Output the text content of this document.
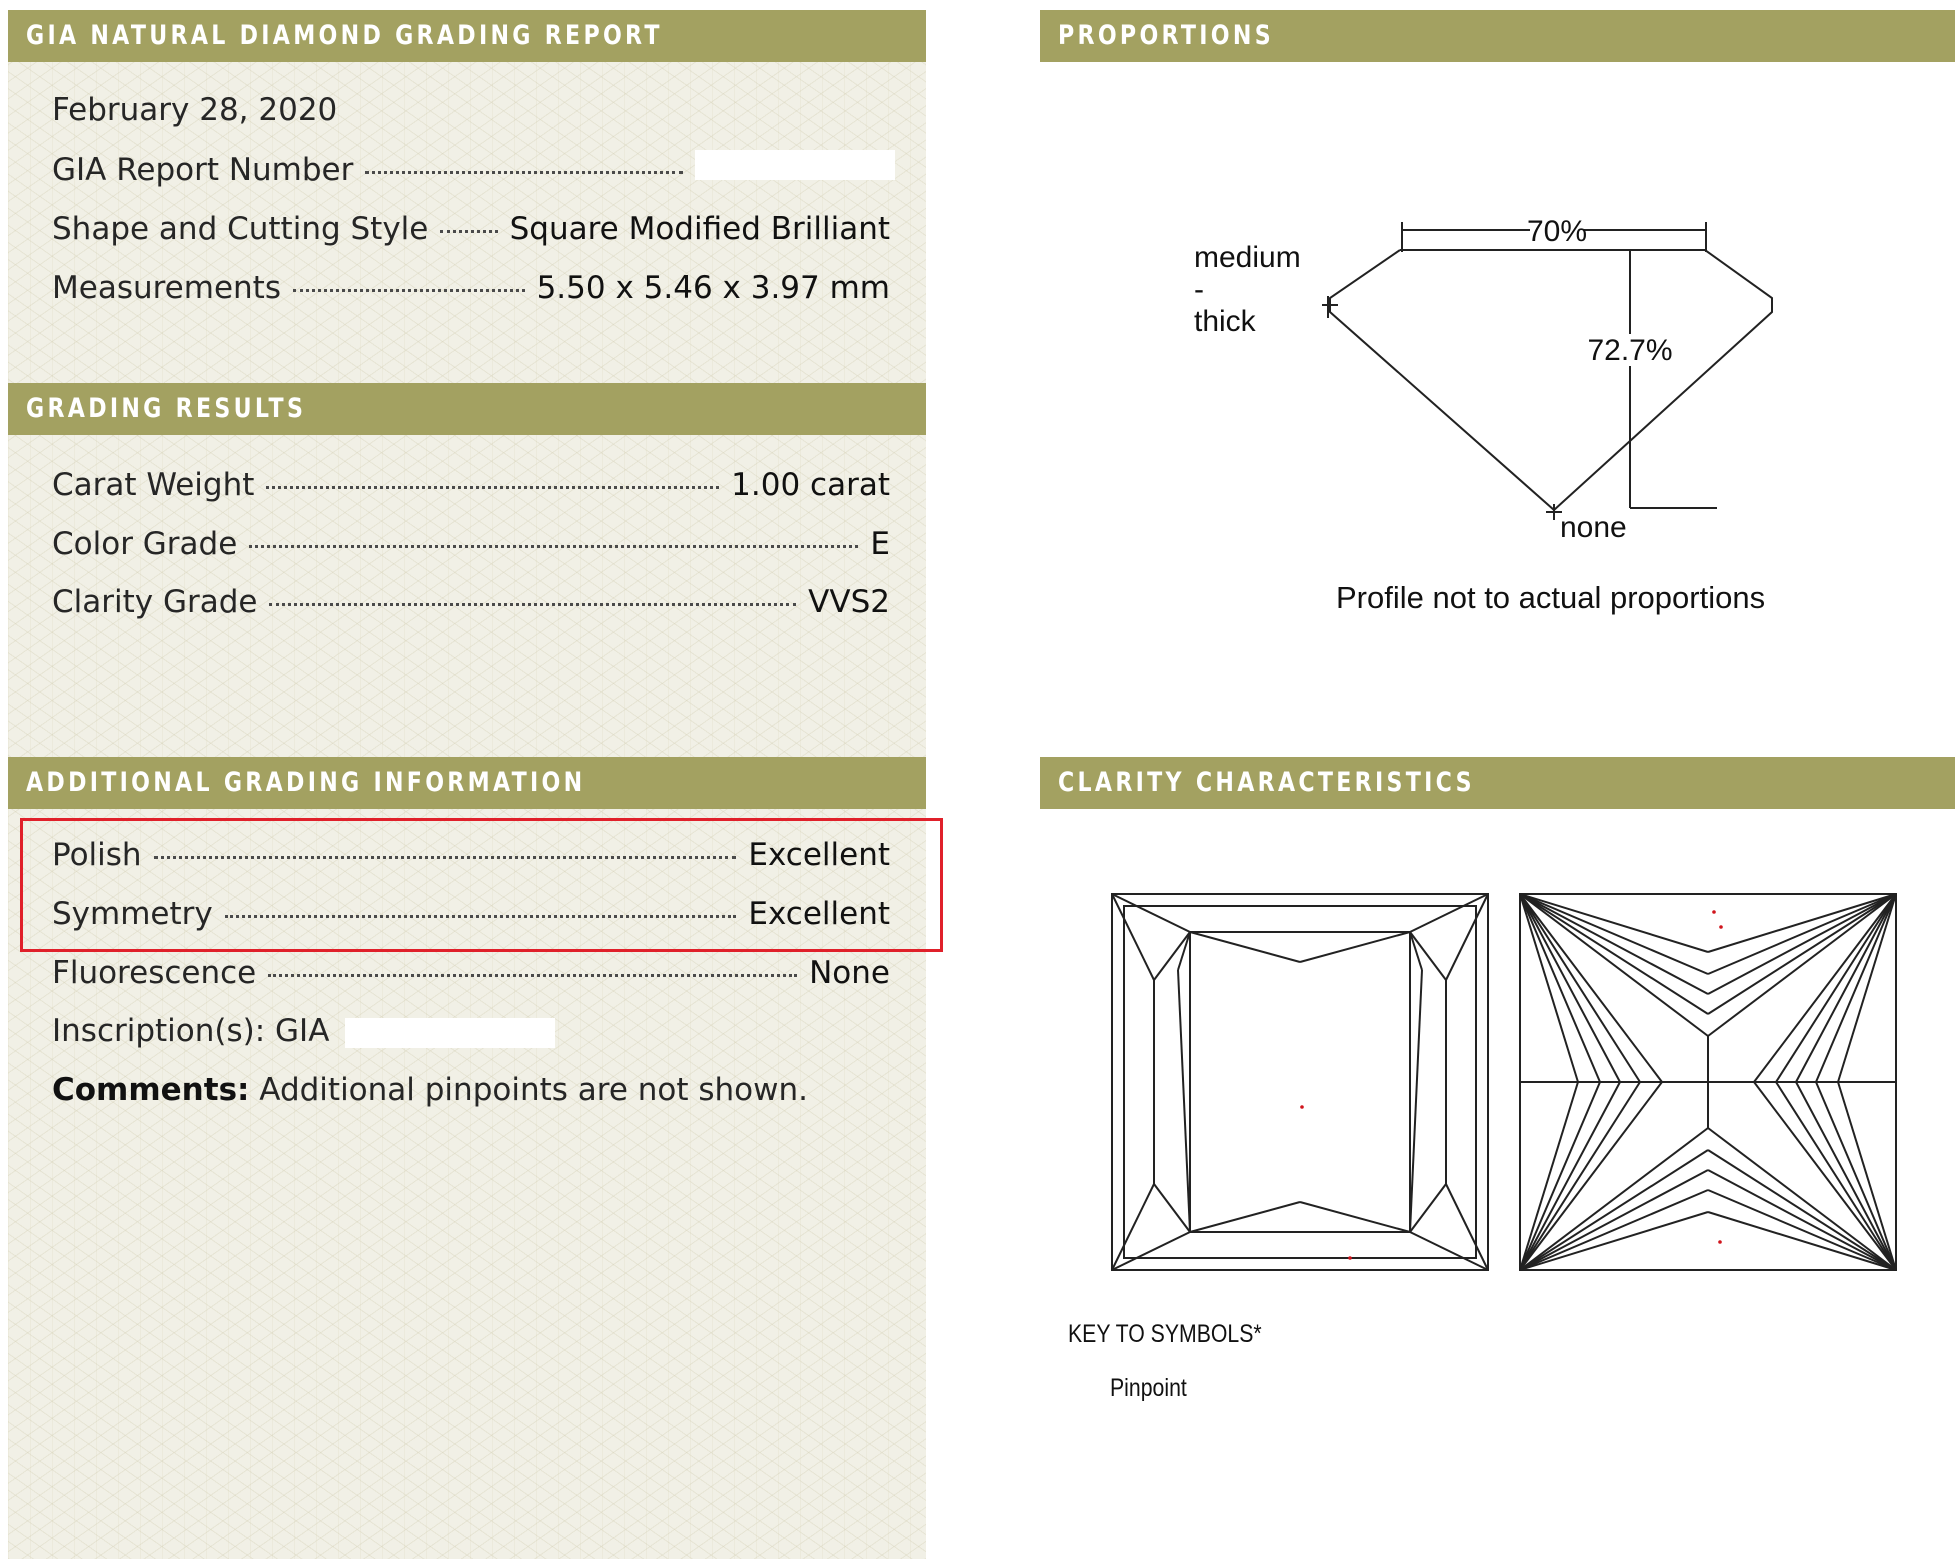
GIA NATURAL DIAMOND GRADING REPORT
February 28, 2020
GIA Report Number
Shape and Cutting Style	Square Modified Brilliant
Measurements	5.50 x 5.46 x 3.97 mm
GRADING RESULTS
Carat Weight	1.00 carat
Color Grade	E
Clarity Grade	VVS2
ADDITIONAL GRADING INFORMATION
Polish	Excellent
Symmetry	Excellent
Fluorescence	None
Inscription(s): GIA
Comments: Additional pinpoints are not shown.
PROPORTIONS
70%
72.7%
medium
-
thick
none
Profile not to actual proportions
CLARITY CHARACTERISTICS
KEY TO SYMBOLS*
Pinpoint
